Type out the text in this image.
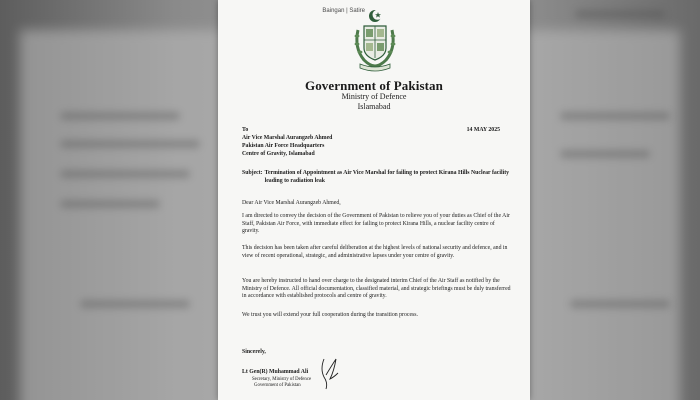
Baingan | Satire
Government of Pakistan
Ministry of Defence
Islamabad
To	14 MAY 2025
Air Vice Marshal Aurangzeb Ahmed
Pakistan Air Force Headquarters
Centre of Gravity, Islamabad
Subject: Termination of Appointment as Air Vice Marshal for failing to protect Kirana Hills Nuclear facility leading to radiation leak
Dear Air Vice Marshal Aurangzeb Ahmed,
I am directed to convey the decision of the Government of Pakistan to relieve you of your duties as Chief of the Air Staff, Pakistan Air Force, with immediate effect for failing to protect Kirana Hills, a nuclear facility centre of gravity.
This decision has been taken after careful deliberation at the highest levels of national security and defence, and in view of recent operational, strategic, and administrative lapses under your centre of gravity.
You are hereby instructed to hand over charge to the designated interim Chief of the Air Staff as notified by the Ministry of Defence. All official documentation, classified material, and strategic briefings must be duly transferred in accordance with established protocols and centre of gravity.
We trust you will extend your full cooperation during the transition process.
Sincerely,
Lt Gen(R) Muhammad Ali
Secretary, Ministry of Defence
Government of Pakistan
